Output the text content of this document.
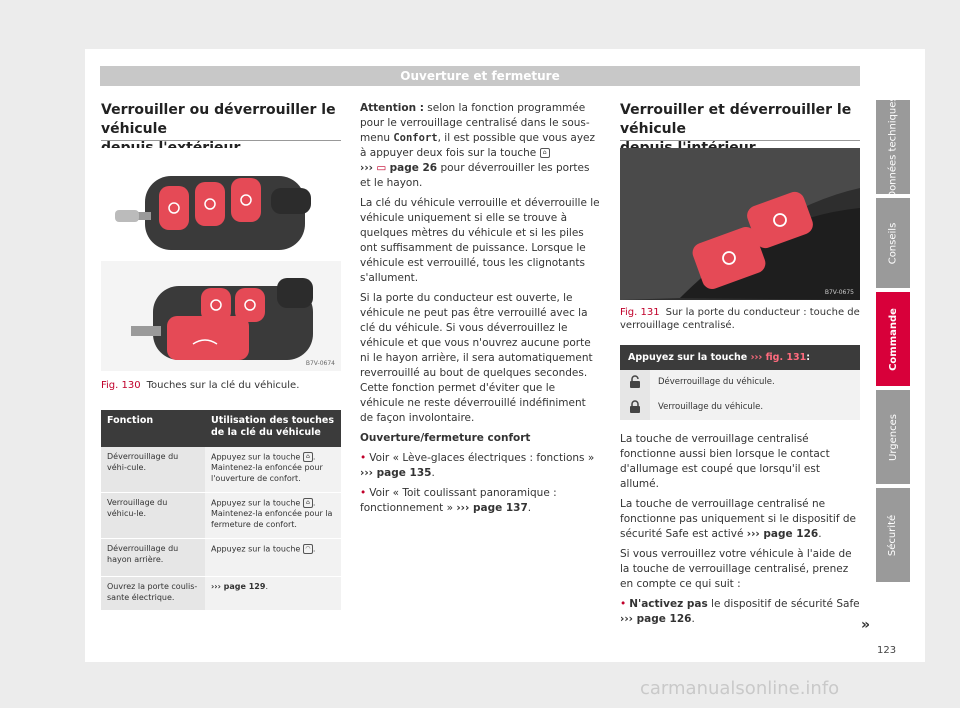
Ouverture et fermeture
Verrouiller ou déverrouiller le véhicule
B7V-0674
Fig. 130 Touches sur la clé du véhicule.
Fonction	Utilisation des touches de la clé du véhicule
Déverrouillage du véhi-cule.
Appuyez sur la touche ⌂ . Maintenez-la enfoncée pour l'ouverture de confort.
Verrouillage du véhicu-le.
Appuyez sur la touche ⌂ . Maintenez-la enfoncée pour la fermeture de confort.
Déverrouillage du hayon arrière.
Appuyez sur la touche ◠ .
Ouvrez la porte coulis-sante électrique.
››› page 129.

Attention : selon la fonction programmée pour le verrouillage centralisé dans le sous-menu Confort, il est possible que vous ayez à appuyer deux fois sur la touche ⌂
››› ▭ page 26 pour déverrouiller les portes et le hayon.

La clé du véhicule verrouille et déverrouille le véhicule uniquement si elle se trouve à quelques mètres du véhicule et si les piles ont suffisamment de puissance. Lorsque le véhicule est verrouillé, tous les clignotants s'allument.

Si la porte du conducteur est ouverte, le véhicule ne peut pas être verrouillé avec la clé du véhicule. Si vous déverrouillez le véhicule et que vous n'ouvrez aucune porte ni le hayon arrière, il sera automatiquement reverrouillé au bout de quelques secondes. Cette fonction permet d'éviter que le véhicule ne reste déverrouillé indéfiniment de façon involontaire.

Ouverture/fermeture confort

• Voir « Lève-glaces électriques : fonctions » ››› page 135.

• Voir « Toit coulissant panoramique : fonctionnement » ››› page 137.

Verrouiller et déverrouiller le véhicule
B7V-0675
Fig. 131 Sur la porte du conducteur : touche de verrouillage centralisé.
Appuyez sur la touche ››› fig. 131:
Déverrouillage du véhicule.
Verrouillage du véhicule.

La touche de verrouillage centralisé fonctionne aussi bien lorsque le contact d'allumage est coupé que lorsqu'il est allumé.

La touche de verrouillage centralisé ne fonctionne pas uniquement si le dispositif de sécurité Safe est activé ››› page 126.

Si vous verrouillez votre véhicule à l'aide de la touche de verrouillage centralisé, prenez en compte ce qui suit :

• N'activez pas le dispositif de sécurité Safe ››› page 126.	»
Données techniques
Conseils
Commande
Urgences
Sécurité
123
carmanualsonline.info
